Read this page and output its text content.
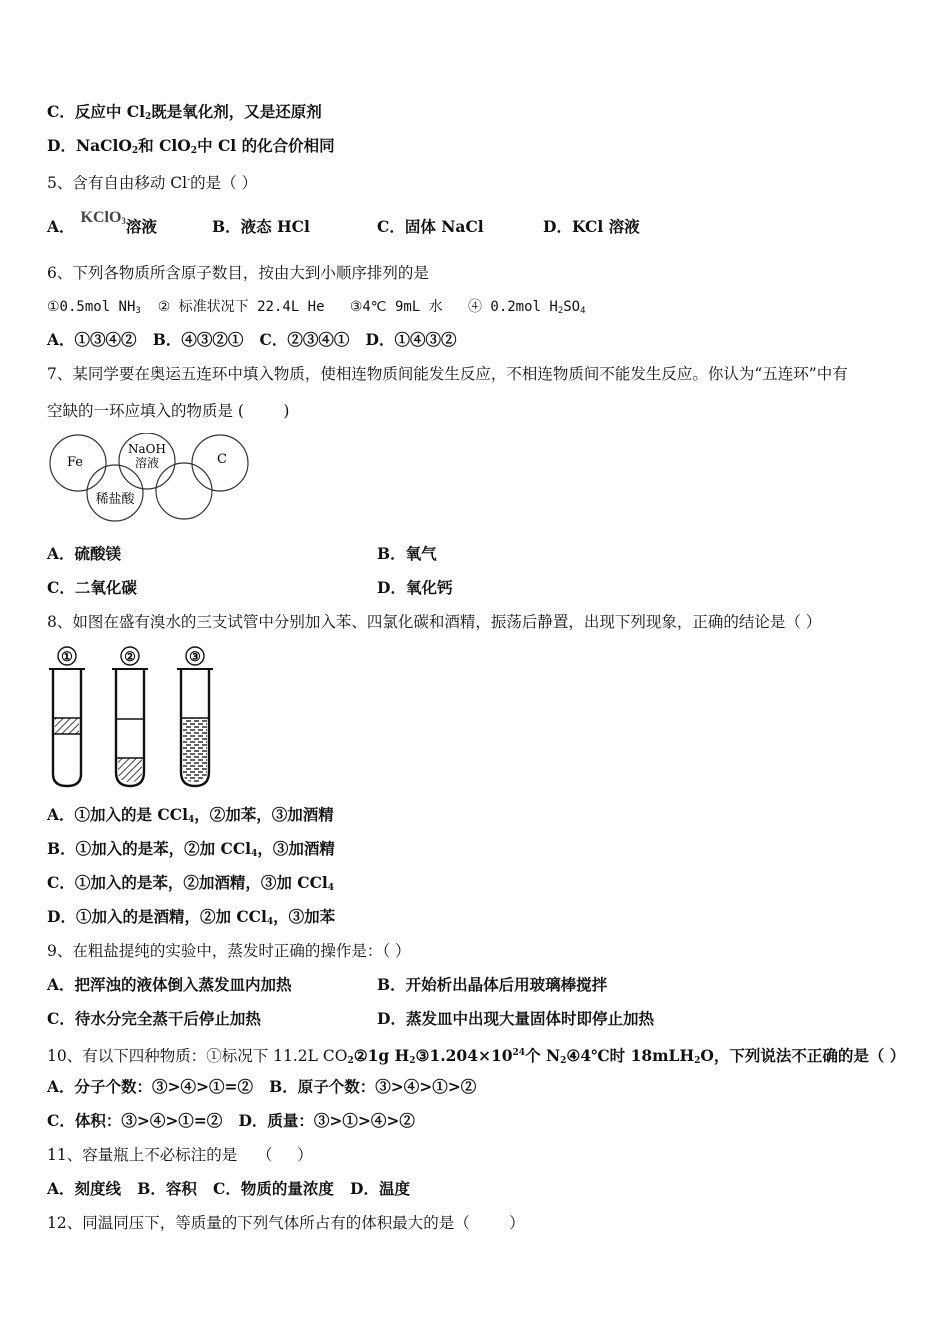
C．反应中 $Cl_2$既是氧化剂，又是还原剂
D．NaClO$_2$和 ClO$_2$中 Cl 的化合价相同
5、含有自由移动 Cl-的是（ ）
A． KClO$_3$溶液	B．液态 HCl	C．固体 NaCl	D．KCl 溶液
6、下列各物质所含原子数目，按由大到小顺序排列的是
①0.5mol $NH_3$  ② 标准状况下 22.4L He   ③4℃ 9mL 水   ④ 0.2mol $H_2SO_4$
A．①③④②   B．④③②①   C．②③④①   D．①④③②
7、某同学要在奥运五连环中填入物质，使相连物质间能发生反应，不相连物质间不能发生反应。你认为“五连环”中有
空缺的一环应填入的物质是 (        )
Fe
NaOH
溶液	C
稀盐酸
A．硫酸镁	B．氧气
C．二氧化碳	D．氧化钙
8、如图在盛有溴水的三支试管中分别加入苯、四氯化碳和酒精，振荡后静置，出现下列现象，正确的结论是（ ）
①	②	③
A．①加入的是 CCl$_4$，②加苯，③加酒精
B．①加入的是苯，②加 CCl$_4$，③加酒精
C．①加入的是苯，②加酒精，③加 CCl$_4$
D．①加入的是酒精，②加 CCl$_4$，③加苯
9、在粗盐提纯的实验中，蒸发时正确的操作是：（ ）
A．把浑浊的液体倒入蒸发皿内加热	B．开始析出晶体后用玻璃棒搅拌
C．待水分完全蒸干后停止加热	D．蒸发皿中出现大量固体时即停止加热
10、有以下四种物质：①标况下 11.2L $CO_2②1g$ $H_2③1.204\times 10^{24}$个 $N_2④4℃$时 18mLH$_2$O，下列说法不正确的是（ ）
A．分子个数：③>④>①=②   B．原子个数：③>④>①>②
C．体积：③>④>①=②   D．质量：③>①>④>②
11、容量瓶上不必标注的是    （     ）
A．刻度线   B．容积   C．物质的量浓度   D．温度
12、同温同压下，等质量的下列气体所占有的体积最大的是（        ）
